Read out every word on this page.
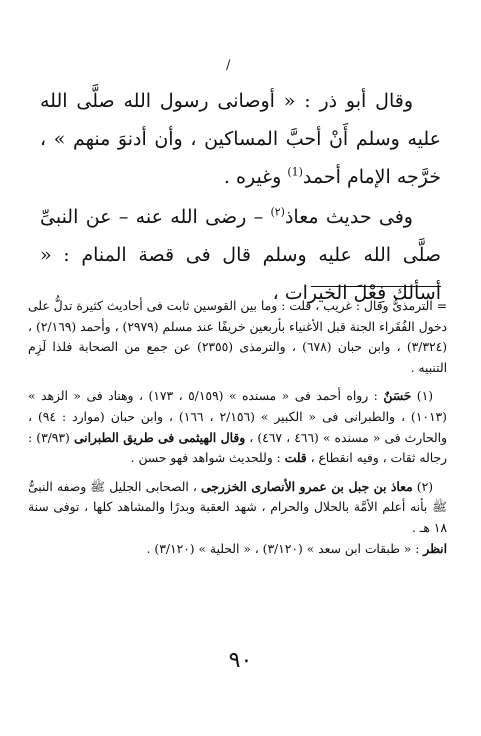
/

وقال أبو ذر : « أوصانى رسول الله صلَّى الله عليه وسلم أَنْ أحبَّ المساكين ، وأن أدنوَ منهم » ، خرَّجه الإمام أحمد$^{(1)}$ وغيره .

وفى حديث معاذ$^{(٢)}$ – رضى الله عنه – عن النبىِّ صلَّى الله عليه وسلم قال فى قصة المنام : « أسألك فِعْلَ الخيرات ،

= الترمذىُّ وقال : غريب ، قلت : وما بين القوسين ثابت فى أحاديث كثيرة تدلُّ على دخول الفُقَراء الجنة قبل الأغنياء بأربعين خريفًا عند مسلم (٢٩٧٩) ، وأحمد (٢/١٦٩) ، (٣/٣٢٤) ، وابن حبان (٦٧٨) ، والترمذى (٢٣٥٥) عن جمع من الصحابة فلذا لَزِم التنبيه .

(١) حَسَنٌ : رواه أحمد فى « مسنده » (٥/١٥٩ ، ١٧٣) ، وهناد فى « الزهد » (١٠١٣) ، والطبرانى فى « الكبير » (٢/١٥٦ ، ١٦٦) ، وابن حبان (موارد : ٩٤) ، والحارث فى « مسنده » (٤٦٦ ، ٤٦٧) ، وقال الهيثمى فى طريق الطبرانى (٣/٩٣) : رجاله ثقات ، وفيه انقطاع ، قلت : وللحديث شواهد فهو حسن .

(٢) معاذ بن جبل بن عمرو الأنصارى الخزرجى ، الصحابى الجليل ﷺ وصفه النبىُّ ﷺ بأنه أعلم الأمَّة بالحلال والحرام ، شهد العقبة وبدرًا والمشاهد كلها ، توفى سنة ١٨ هـ .

انظر : « طبقات ابن سعد » (٣/١٢٠) ، « الحلية » (٣/١٢٠) .

٩٠
